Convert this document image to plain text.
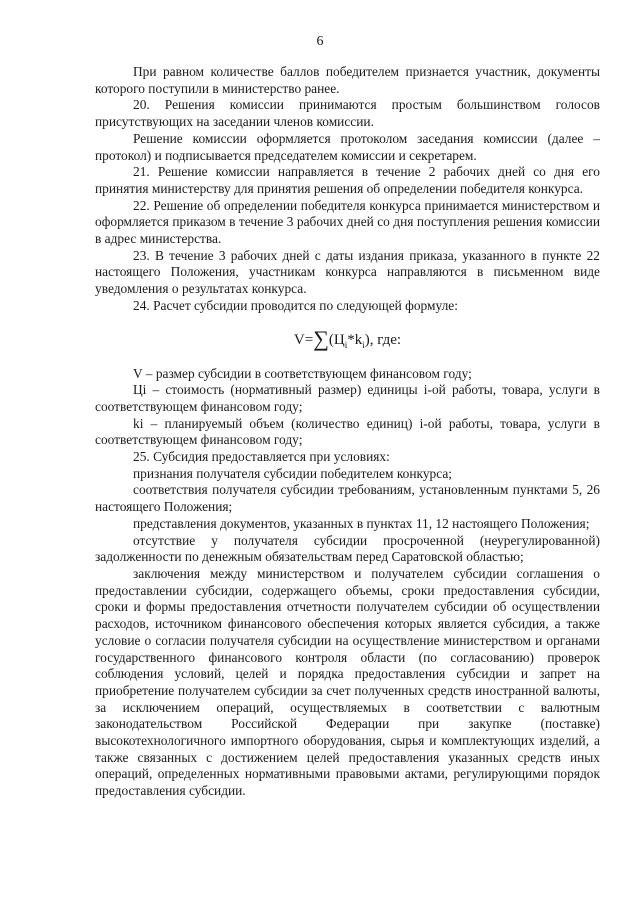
6

При равном количестве баллов победителем признается участник, документы которого поступили в министерство ранее.

20. Решения комиссии принимаются простым большинством голосов присутствующих на заседании членов комиссии.

Решение комиссии оформляется протоколом заседания комиссии (далее – протокол) и подписывается председателем комиссии и секретарем.

21. Решение комиссии направляется в течение 2 рабочих дней со дня его принятия министерству для принятия решения об определении победителя конкурса.

22. Решение об определении победителя конкурса принимается министерством и оформляется приказом в течение 3 рабочих дней со дня поступления решения комиссии в адрес министерства.

23. В течение 3 рабочих дней с даты издания приказа, указанного в пункте 22 настоящего Положения, участникам конкурса направляются в письменном виде уведомления о результатах конкурса.

24. Расчет субсидии проводится по следующей формуле:

$V=\sum(Ц_i*k_i)$, где:

V – размер субсидии в соответствующем финансовом году;

Цi – стоимость (нормативный размер) единицы i-ой работы, товара, услуги в соответствующем финансовом году;

ki – планируемый объем (количество единиц) i-ой работы, товара, услуги в соответствующем финансовом году;

25. Субсидия предоставляется при условиях:

признания получателя субсидии победителем конкурса;

соответствия получателя субсидии требованиям, установленным пунктами 5, 26 настоящего Положения;

представления документов, указанных в пунктах 11, 12 настоящего Положения;

отсутствие у получателя субсидии просроченной (неурегулированной) задолженности по денежным обязательствам перед Саратовской областью;

заключения между министерством и получателем субсидии соглашения о предоставлении субсидии, содержащего объемы, сроки предоставления субсидии, сроки и формы предоставления отчетности получателем субсидии об осуществлении расходов, источником финансового обеспечения которых является субсидия, а также условие о согласии получателя субсидии на осуществление министерством и органами государственного финансового контроля области (по согласованию) проверок соблюдения условий, целей и порядка предоставления субсидии и запрет на приобретение получателем субсидии за счет полученных средств иностранной валюты, за исключением операций, осуществляемых в соответствии с валютным законодательством Российской Федерации при закупке (поставке) высокотехнологичного импортного оборудования, сырья и комплектующих изделий, а также связанных с достижением целей предоставления указанных средств иных операций, определенных нормативными правовыми актами, регулирующими порядок предоставления субсидии.
